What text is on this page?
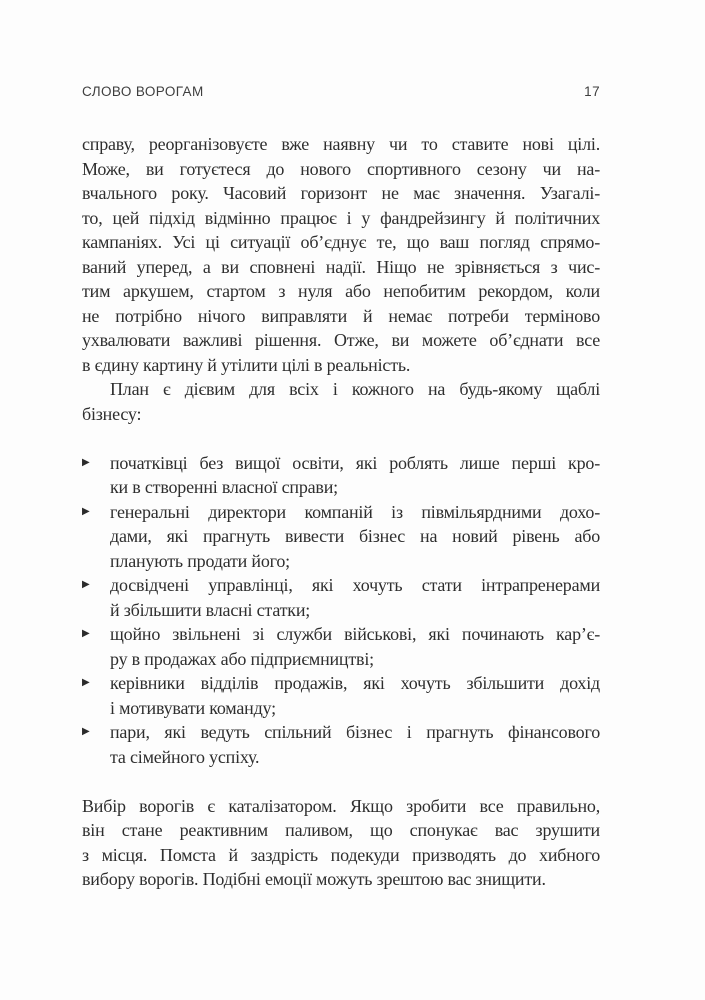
СЛОВО ВОРОГАМ	17
справу, реорганізовуєте вже наявну чи то ставите нові цілі.
Може, ви готуєтеся до нового спортивного сезону чи на-
вчального року. Часовий горизонт не має значення. Узагалі-
то, цей підхід відмінно працює і у фандрейзингу й політичних
кампаніях. Усі ці ситуації об’єднує те, що ваш погляд спрямо-
ваний уперед, а ви сповнені надії. Ніщо не зрівняється з чис-
тим аркушем, стартом з нуля або непобитим рекордом, коли
не потрібно нічого виправляти й немає потреби терміново
ухвалювати важливі рішення. Отже, ви можете об’єднати все
в єдину картину й утілити цілі в реальність.
План є дієвим для всіх і кожного на будь-якому щаблі
бізнесу:
▶	початківці без вищої освіти, які роблять лише перші кро-
ки в створенні власної справи;
▶	генеральні директори компаній із півмільярдними дохо-
дами, які прагнуть вивести бізнес на новий рівень або
планують продати його;
▶	досвідчені управлінці, які хочуть стати інтрапренерами
й збільшити власні статки;
▶	щойно звільнені зі служби військові, які починають кар’є-
ру в продажах або підприємництві;
▶	керівники відділів продажів, які хочуть збільшити дохід
і мотивувати команду;
▶	пари, які ведуть спільний бізнес і прагнуть фінансового
та сімейного успіху.
Вибір ворогів є каталізатором. Якщо зробити все правильно,
він стане реактивним паливом, що спонукає вас зрушити
з місця. Помста й заздрість подекуди призводять до хибного
вибору ворогів. Подібні емоції можуть зрештою вас знищити.
